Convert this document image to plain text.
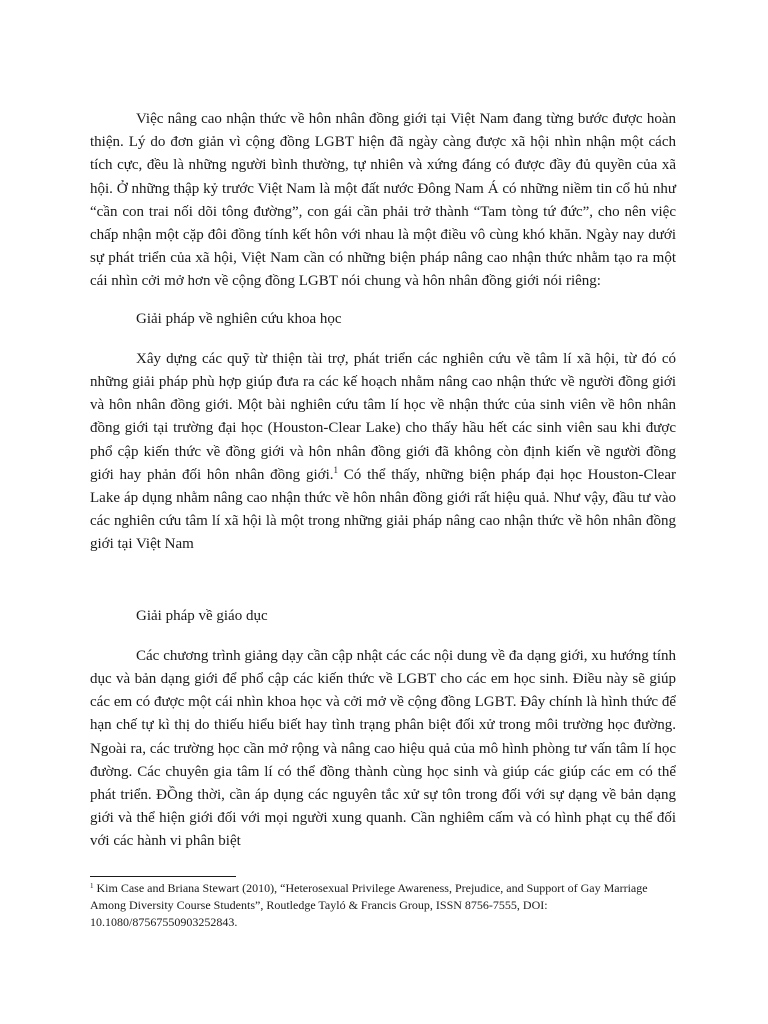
Việc nâng cao nhận thức về hôn nhân đồng giới tại Việt Nam đang từng bước được hoàn thiện. Lý do đơn giản vì cộng đồng LGBT hiện đã ngày càng được xã hội nhìn nhận một cách tích cực, đều là những người bình thường, tự nhiên và xứng đáng có được đầy đủ quyền của xã hội. Ở những thập kỷ trước Việt Nam là một đất nước Đông Nam Á có những niềm tin cổ hủ như “cần con trai nối dõi tông đường”, con gái cần phải trở thành “Tam tòng tứ đức”, cho nên việc chấp nhận một cặp đôi đồng tính kết hôn với nhau là một điều vô cùng khó khăn. Ngày nay dưới sự phát triển của xã hội, Việt Nam cần có những biện pháp nâng cao nhận thức nhằm tạo ra một cái nhìn cởi mở hơn về cộng đồng LGBT nói chung và hôn nhân đồng giới nói riêng:

Giải pháp về nghiên cứu khoa học

Xây dựng các quỹ từ thiện tài trợ, phát triển các nghiên cứu về tâm lí xã hội, từ đó có những giải pháp phù hợp giúp đưa ra các kế hoạch nhằm nâng cao nhận thức về người đồng giới và hôn nhân đồng giới. Một bài nghiên cứu tâm lí học về nhận thức của sinh viên về hôn nhân đồng giới tại trường đại học (Houston-Clear Lake) cho thấy hầu hết các sinh viên sau khi được phổ cập kiến thức về đồng giới và hôn nhân đồng giới đã không còn định kiến về người đồng giới hay phản đối hôn nhân đồng giới.$^1$ Có thể thấy, những biện pháp đại học Houston-Clear Lake áp dụng nhằm nâng cao nhận thức về hôn nhân đồng giới rất hiệu quả. Như vậy, đầu tư vào các nghiên cứu tâm lí xã hội là một trong những giải pháp nâng cao nhận thức về hôn nhân đồng giới tại Việt Nam

Giải pháp về giáo dục

Các chương trình giảng dạy cần cập nhật các các nội dung về đa dạng giới, xu hướng tính dục và bản dạng giới để phổ cập các kiến thức về LGBT cho các em học sinh. Điều này sẽ giúp các em có được một cái nhìn khoa học và cởi mở về cộng đồng LGBT. Đây chính là hình thức để hạn chế tự kì thị do thiếu hiểu biết hay tình trạng phân biệt đối xử trong môi trường học đường. Ngoài ra, các trường học cần mở rộng và nâng cao hiệu quả của mô hình phòng tư vấn tâm lí học đường. Các chuyên gia tâm lí có thể đồng thành cùng học sinh và giúp các giúp các em có thể phát triển. ĐỒng thời, cần áp dụng các nguyên tắc xử sự tôn trong đối với sự dạng về bản dạng giới và thể hiện giới đối với mọi người xung quanh. Cần nghiêm cấm và có hình phạt cụ thể đối với các hành vi phân biệt

$^1$ Kim Case and Briana Stewart (2010), “Heterosexual Privilege Awareness, Prejudice, and Support of Gay Marriage Among Diversity Course Students”, Routledge Tayló & Francis Group, ISSN 8756-7555, DOI: 10.1080/87567550903252843.
